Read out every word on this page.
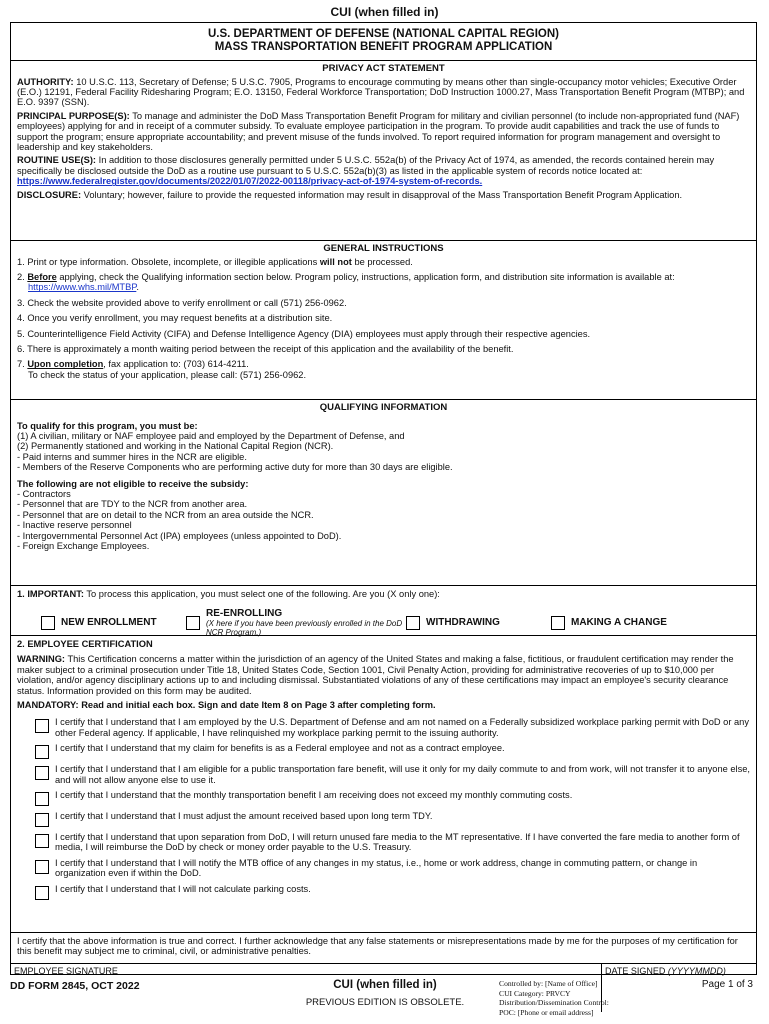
CUI (when filled in)
U.S. DEPARTMENT OF DEFENSE (NATIONAL CAPITAL REGION)
MASS TRANSPORTATION BENEFIT PROGRAM APPLICATION
PRIVACY ACT STATEMENT

AUTHORITY: 10 U.S.C. 113, Secretary of Defense; 5 U.S.C. 7905, Programs to encourage commuting by means other than single-occupancy motor vehicles; Executive Order (E.O.) 12191, Federal Facility Ridesharing Program; E.O. 13150, Federal Workforce Transportation; DoD Instruction 1000.27, Mass Transportation Benefit Program (MTBP); and E.O. 9397 (SSN).

PRINCIPAL PURPOSE(S): To manage and administer the DoD Mass Transportation Benefit Program for military and civilian personnel (to include non-appropriated fund (NAF) employees) applying for and in receipt of a commuter subsidy. To evaluate employee participation in the program. To provide audit capabilities and track the use of funds to support the program; ensure appropriate accountability; and prevent misuse of the funds involved. To report required information for program management and oversight to leadership and key stakeholders.

ROUTINE USE(S): In addition to those disclosures generally permitted under 5 U.S.C. 552a(b) of the Privacy Act of 1974, as amended, the records contained herein may specifically be disclosed outside the DoD as a routine use pursuant to 5 U.S.C. 552a(b)(3) as listed in the applicable system of records notice located at: https://www.federalregister.gov/documents/2022/01/07/2022-00118/privacy-act-of-1974-system-of-records.

DISCLOSURE: Voluntary; however, failure to provide the requested information may result in disapproval of the Mass Transportation Benefit Program Application.

GENERAL INSTRUCTIONS

1. Print or type information. Obsolete, incomplete, or illegible applications will not be processed.

2. Before applying, check the Qualifying information section below. Program policy, instructions, application form, and distribution site information is available at:
https://www.whs.mil/MTBP.

3. Check the website provided above to verify enrollment or call (571) 256-0962.

4. Once you verify enrollment, you may request benefits at a distribution site.

5. Counterintelligence Field Activity (CIFA) and Defense Intelligence Agency (DIA) employees must apply through their respective agencies.

6. There is approximately a month waiting period between the receipt of this application and the availability of the benefit.

7. Upon completion, fax application to: (703) 614-4211.
To check the status of your application, please call: (571) 256-0962.

QUALIFYING INFORMATION

To qualify for this program, you must be:

(1) A civilian, military or NAF employee paid and employed by the Department of Defense, and

(2) Permanently stationed and working in the National Capital Region (NCR).

- Paid interns and summer hires in the NCR are eligible.

- Members of the Reserve Components who are performing active duty for more than 30 days are eligible.

The following are not eligible to receive the subsidy:

- Contractors

- Personnel that are TDY to the NCR from another area.

- Personnel that are on detail to the NCR from an area outside the NCR.

- Inactive reserve personnel

- Intergovernmental Personnel Act (IPA) employees (unless appointed to DoD).

- Foreign Exchange Employees.

1. IMPORTANT: To process this application, you must select one of the following. Are you (X only one):

NEW ENROLLMENT
RE-ENROLLING
(X here if you have been previously enrolled in the DoD NCR Program.)
WITHDRAWING	MAKING A CHANGE

2. EMPLOYEE CERTIFICATION

WARNING: This Certification concerns a matter within the jurisdiction of an agency of the United States and making a false, fictitious, or fraudulent certification may render the maker subject to a criminal prosecution under Title 18, United States Code, Section 1001, Civil Penalty Action, providing for administrative recoveries of up to $10,000 per violation, and/or agency disciplinary actions up to and including dismissal. Substantiated violations of any of these certifications may impact an employee's security clearance status. Information provided on this form may be audited.

MANDATORY: Read and initial each box. Sign and date Item 8 on Page 3 after completing form.

I certify that I understand that I am employed by the U.S. Department of Defense and am not named on a Federally subsidized workplace parking permit with DoD or any other Federal agency. If applicable, I have relinquished my workplace parking permit to the issuing authority.
I certify that I understand that my claim for benefits is as a Federal employee and not as a contract employee.
I certify that I understand that I am eligible for a public transportation fare benefit, will use it only for my daily commute to and from work, will not transfer it to anyone else, and will not allow anyone else to use it.
I certify that I understand that the monthly transportation benefit I am receiving does not exceed my monthly commuting costs.
I certify that I understand that I must adjust the amount received based upon long term TDY.
I certify that I understand that upon separation from DoD, I will return unused fare media to the MT representative. If I have converted the fare media to another form of media, I will reimburse the DoD by check or money order payable to the U.S. Treasury.
I certify that I understand that I will notify the MTB office of any changes in my status, i.e., home or work address, change in commuting pattern, or change in organization even if within the DoD.
I certify that I understand that I will not calculate parking costs.
I certify that the above information is true and correct. I further acknowledge that any false statements or misrepresentations made by me for the purposes of my certification for this benefit may subject me to criminal, civil, or administrative penalties.
EMPLOYEE SIGNATURE	DATE SIGNED (YYYYMMDD)
DD FORM 2845, OCT 2022	CUI (when filled in)
PREVIOUS EDITION IS OBSOLETE.
Controlled by: [Name of Office]
CUI Category: PRVCY
Distribution/Dissemination Control:
POC: [Phone or email address]
Page 1 of 3
